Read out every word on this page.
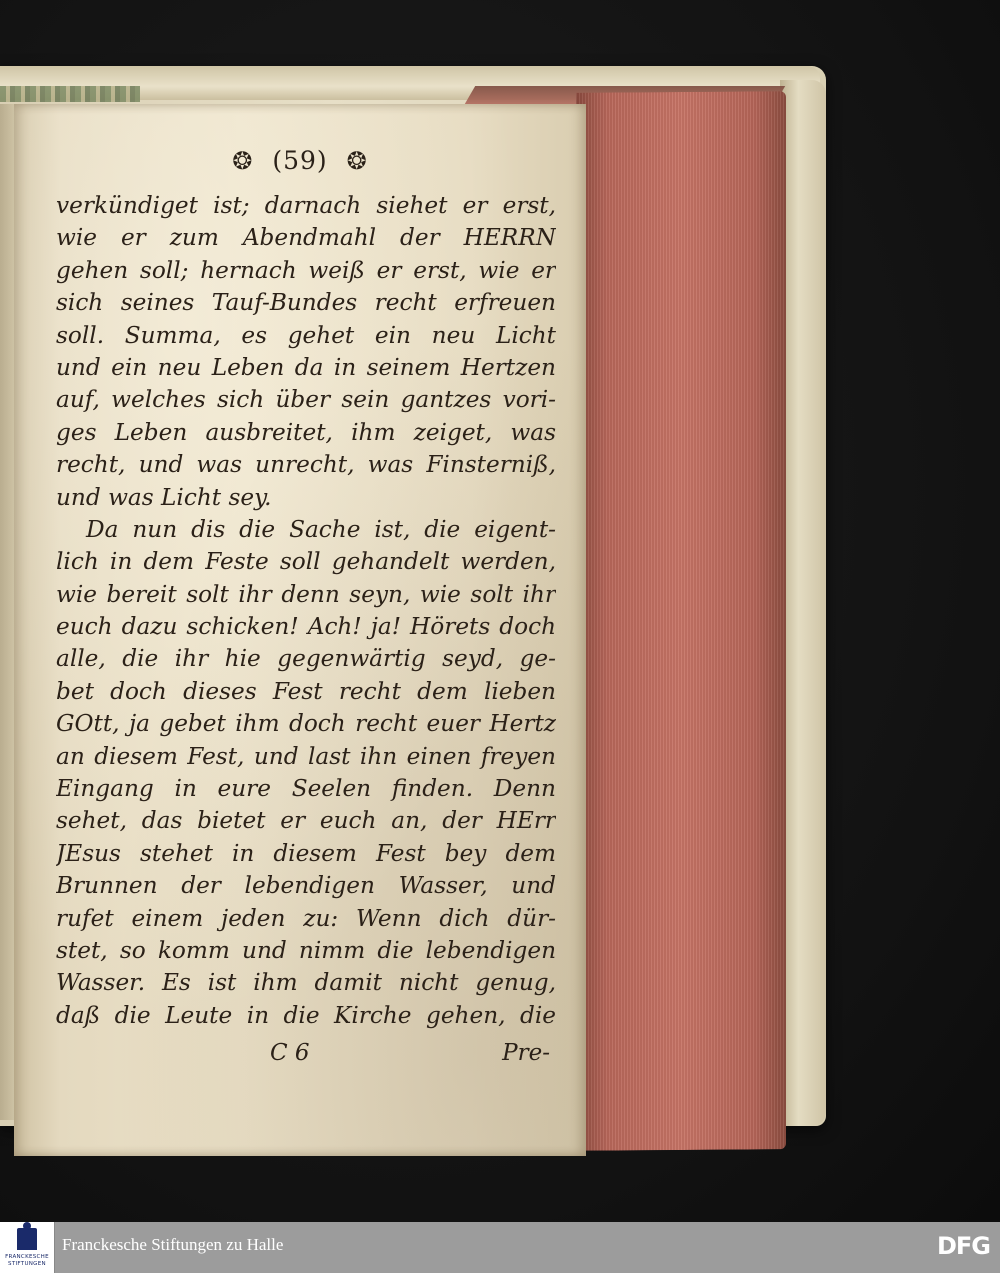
❂ (59) ❂
verkündiget ist; darnach siehet er erst,
wie er zum Abendmahl der HERRN
gehen soll; hernach weiß er erst, wie er
sich seines Tauf-Bundes recht erfreuen
soll. Summa, es gehet ein neu Licht
und ein neu Leben da in seinem Hertzen
auf, welches sich über sein gantzes vori-
ges Leben ausbreitet, ihm zeiget, was
recht, und was unrecht, was Finsterniß,
und was Licht sey.
Da nun dis die Sache ist, die eigent-
lich in dem Feste soll gehandelt werden,
wie bereit solt ihr denn seyn, wie solt ihr
euch dazu schicken! Ach! ja! Hörets doch
alle, die ihr hie gegenwärtig seyd, ge-
bet doch dieses Fest recht dem lieben
GOtt, ja gebet ihm doch recht euer Hertz
an diesem Fest, und last ihn einen freyen
Eingang in eure Seelen finden. Denn
sehet, das bietet er euch an, der HErr
JEsus stehet in diesem Fest bey dem
Brunnen der lebendigen Wasser, und
rufet einem jeden zu: Wenn dich dür-
stet, so komm und nimm die lebendigen
Wasser. Es ist ihm damit nicht genug,
daß die Leute in die Kirche gehen, die
C 6	Pre-
FRANCKESCHE STIFTUNGEN
Franckesche Stiftungen zu Halle	DFG
